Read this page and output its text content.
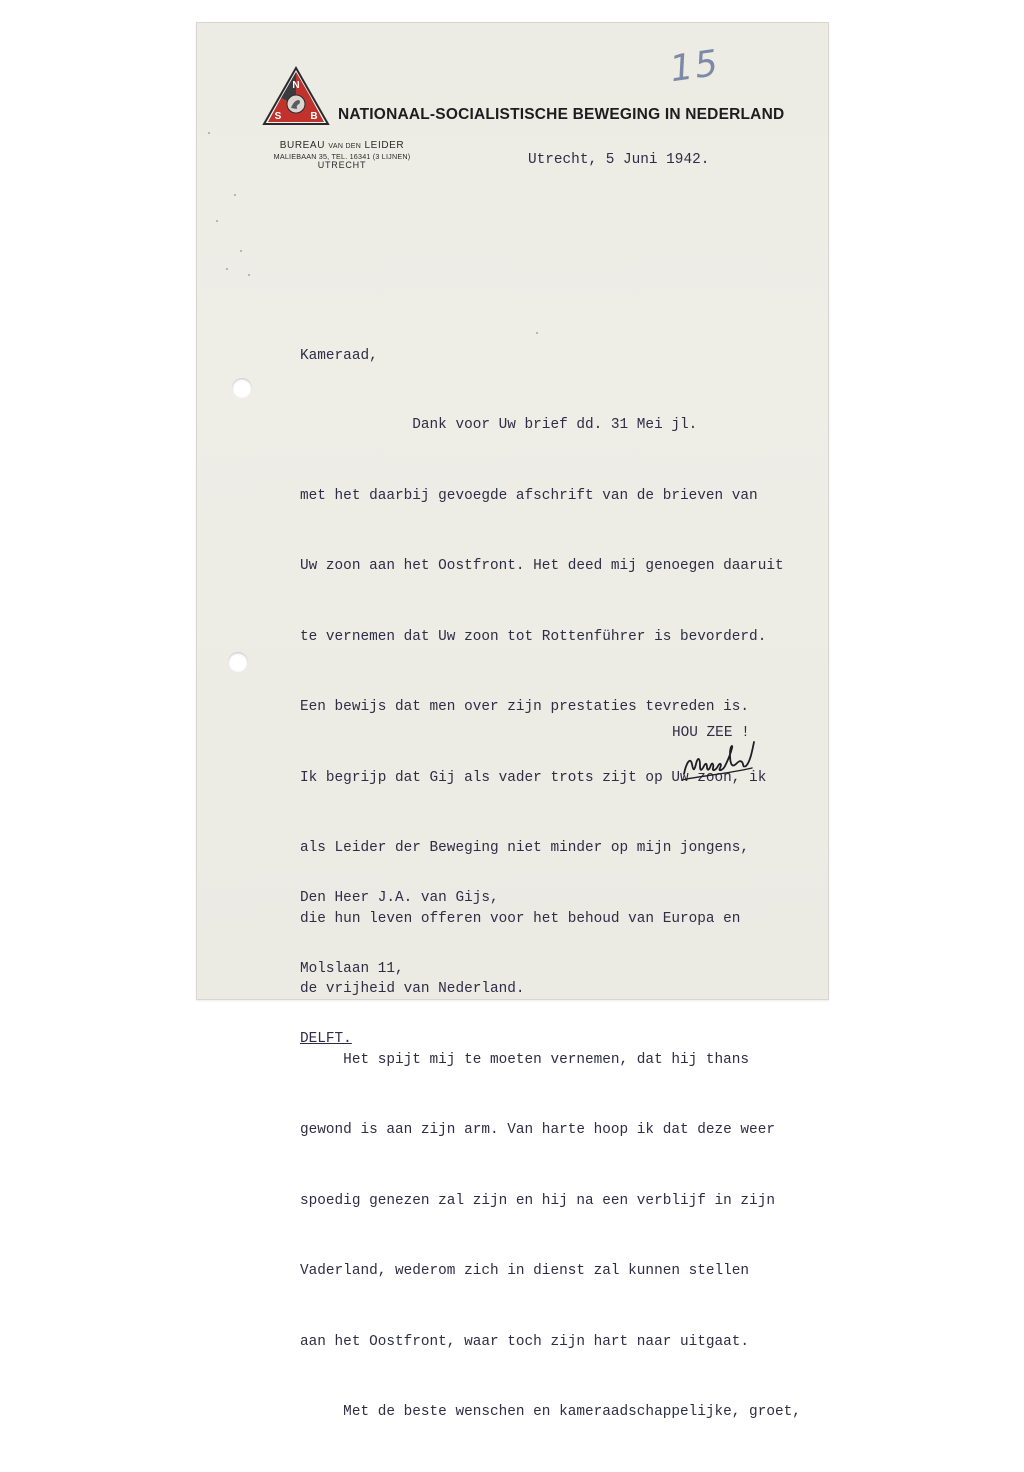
15
N
S	B NATIONAAL-SOCIALISTISCHE BEWEGING IN NEDERLAND
BUREAU VAN DEN LEIDER
MALIEBAAN 35, TEL. 16341 (3 LIJNEN)
UTRECHT	Utrecht, 5 Juni 1942.
Kameraad,

Dank voor Uw brief dd. 31 Mei jl.

met het daarbij gevoegde afschrift van de brieven van

Uw zoon aan het Oostfront. Het deed mij genoegen daaruit

te vernemen dat Uw zoon tot Rottenführer is bevorderd.

Een bewijs dat men over zijn prestaties tevreden is.

Ik begrijp dat Gij als vader trots zijt op Uw zoon, ik

als Leider der Beweging niet minder op mijn jongens,

die hun leven offeren voor het behoud van Europa en

de vrijheid van Nederland.

Het spijt mij te moeten vernemen, dat hij thans

gewond is aan zijn arm. Van harte hoop ik dat deze weer

spoedig genezen zal zijn en hij na een verblijf in zijn

Vaderland, wederom zich in dienst zal kunnen stellen

aan het Oostfront, waar toch zijn hart naar uitgaat.

Met de beste wenschen en kameraadschappelijke, groet,

HOU ZEE !

Den Heer J.A. van Gijs,

Molslaan 11,

DELFT.
